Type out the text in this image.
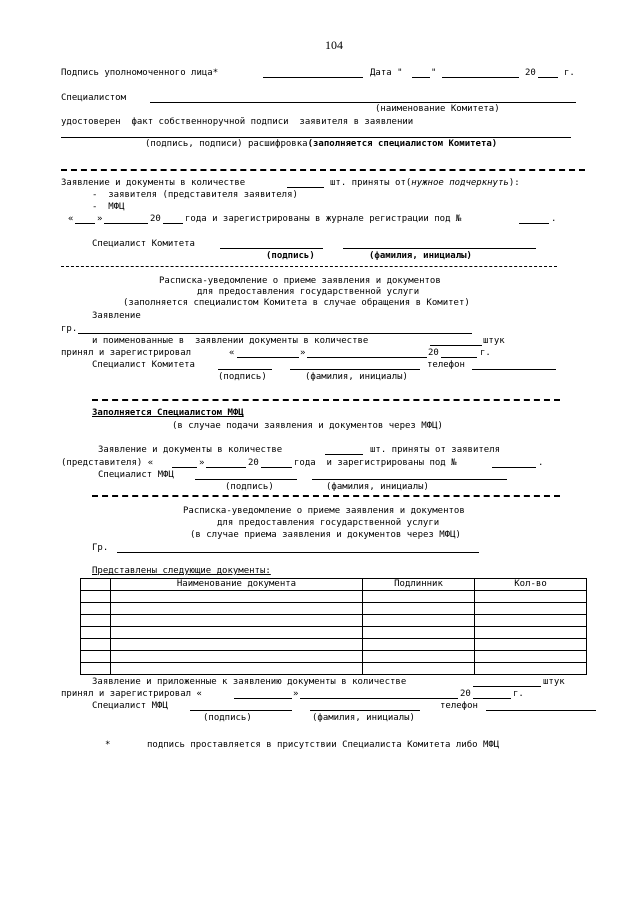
104
Подпись уполномоченного лица*	Дата "	"	20	г.
Специалистом
(наименование Комитета)
удостоверен  факт собственноручной подписи  заявителя в заявлении
(подпись, подписи) расшифровка(заполняется специалистом Комитета)
Заявление и документы в количестве	шт. приняты от(нужное подчеркнуть):
-  заявителя (представителя заявителя)
-  МФЦ
«	»	20	года и зарегистрированы в журнале регистрации под №	.
Специалист Комитета
(подпись)	(фамилия, инициалы)
Расписка-уведомление о приеме заявления и документов
для предоставления государственной услуги
(заполняется специалистом Комитета в случае обращения в Комитет)
Заявление
гр.
и поименованные в  заявлении документы в количестве	штук
принял и зарегистрировал	«	»	20	г.
Специалист Комитета	телефон
(подпись)	(фамилия, инициалы)
Заполняется Специалистом МФЦ
(в случае подачи заявления и документов через МФЦ)
Заявление и документы в количестве	шт. приняты от заявителя
(представителя) «	»	20	года  и зарегистрированы под №	.
Специалист МФЦ
(подпись)	(фамилия, инициалы)
Расписка-уведомление о приеме заявления и документов
для предоставления государственной услуги
(в случае приема заявления и документов через МФЦ)
Гр.
Представлены следующие документы:
	Наименование документа	Подлинник	Кол-во

Заявление и приложенные к заявлению документы в количестве	штук
принял и зарегистрировал «	»	20	г.
Специалист МФЦ	телефон
(подпись)	(фамилия, инициалы)
*	подпись проставляется в присутствии Специалиста Комитета либо МФЦ
